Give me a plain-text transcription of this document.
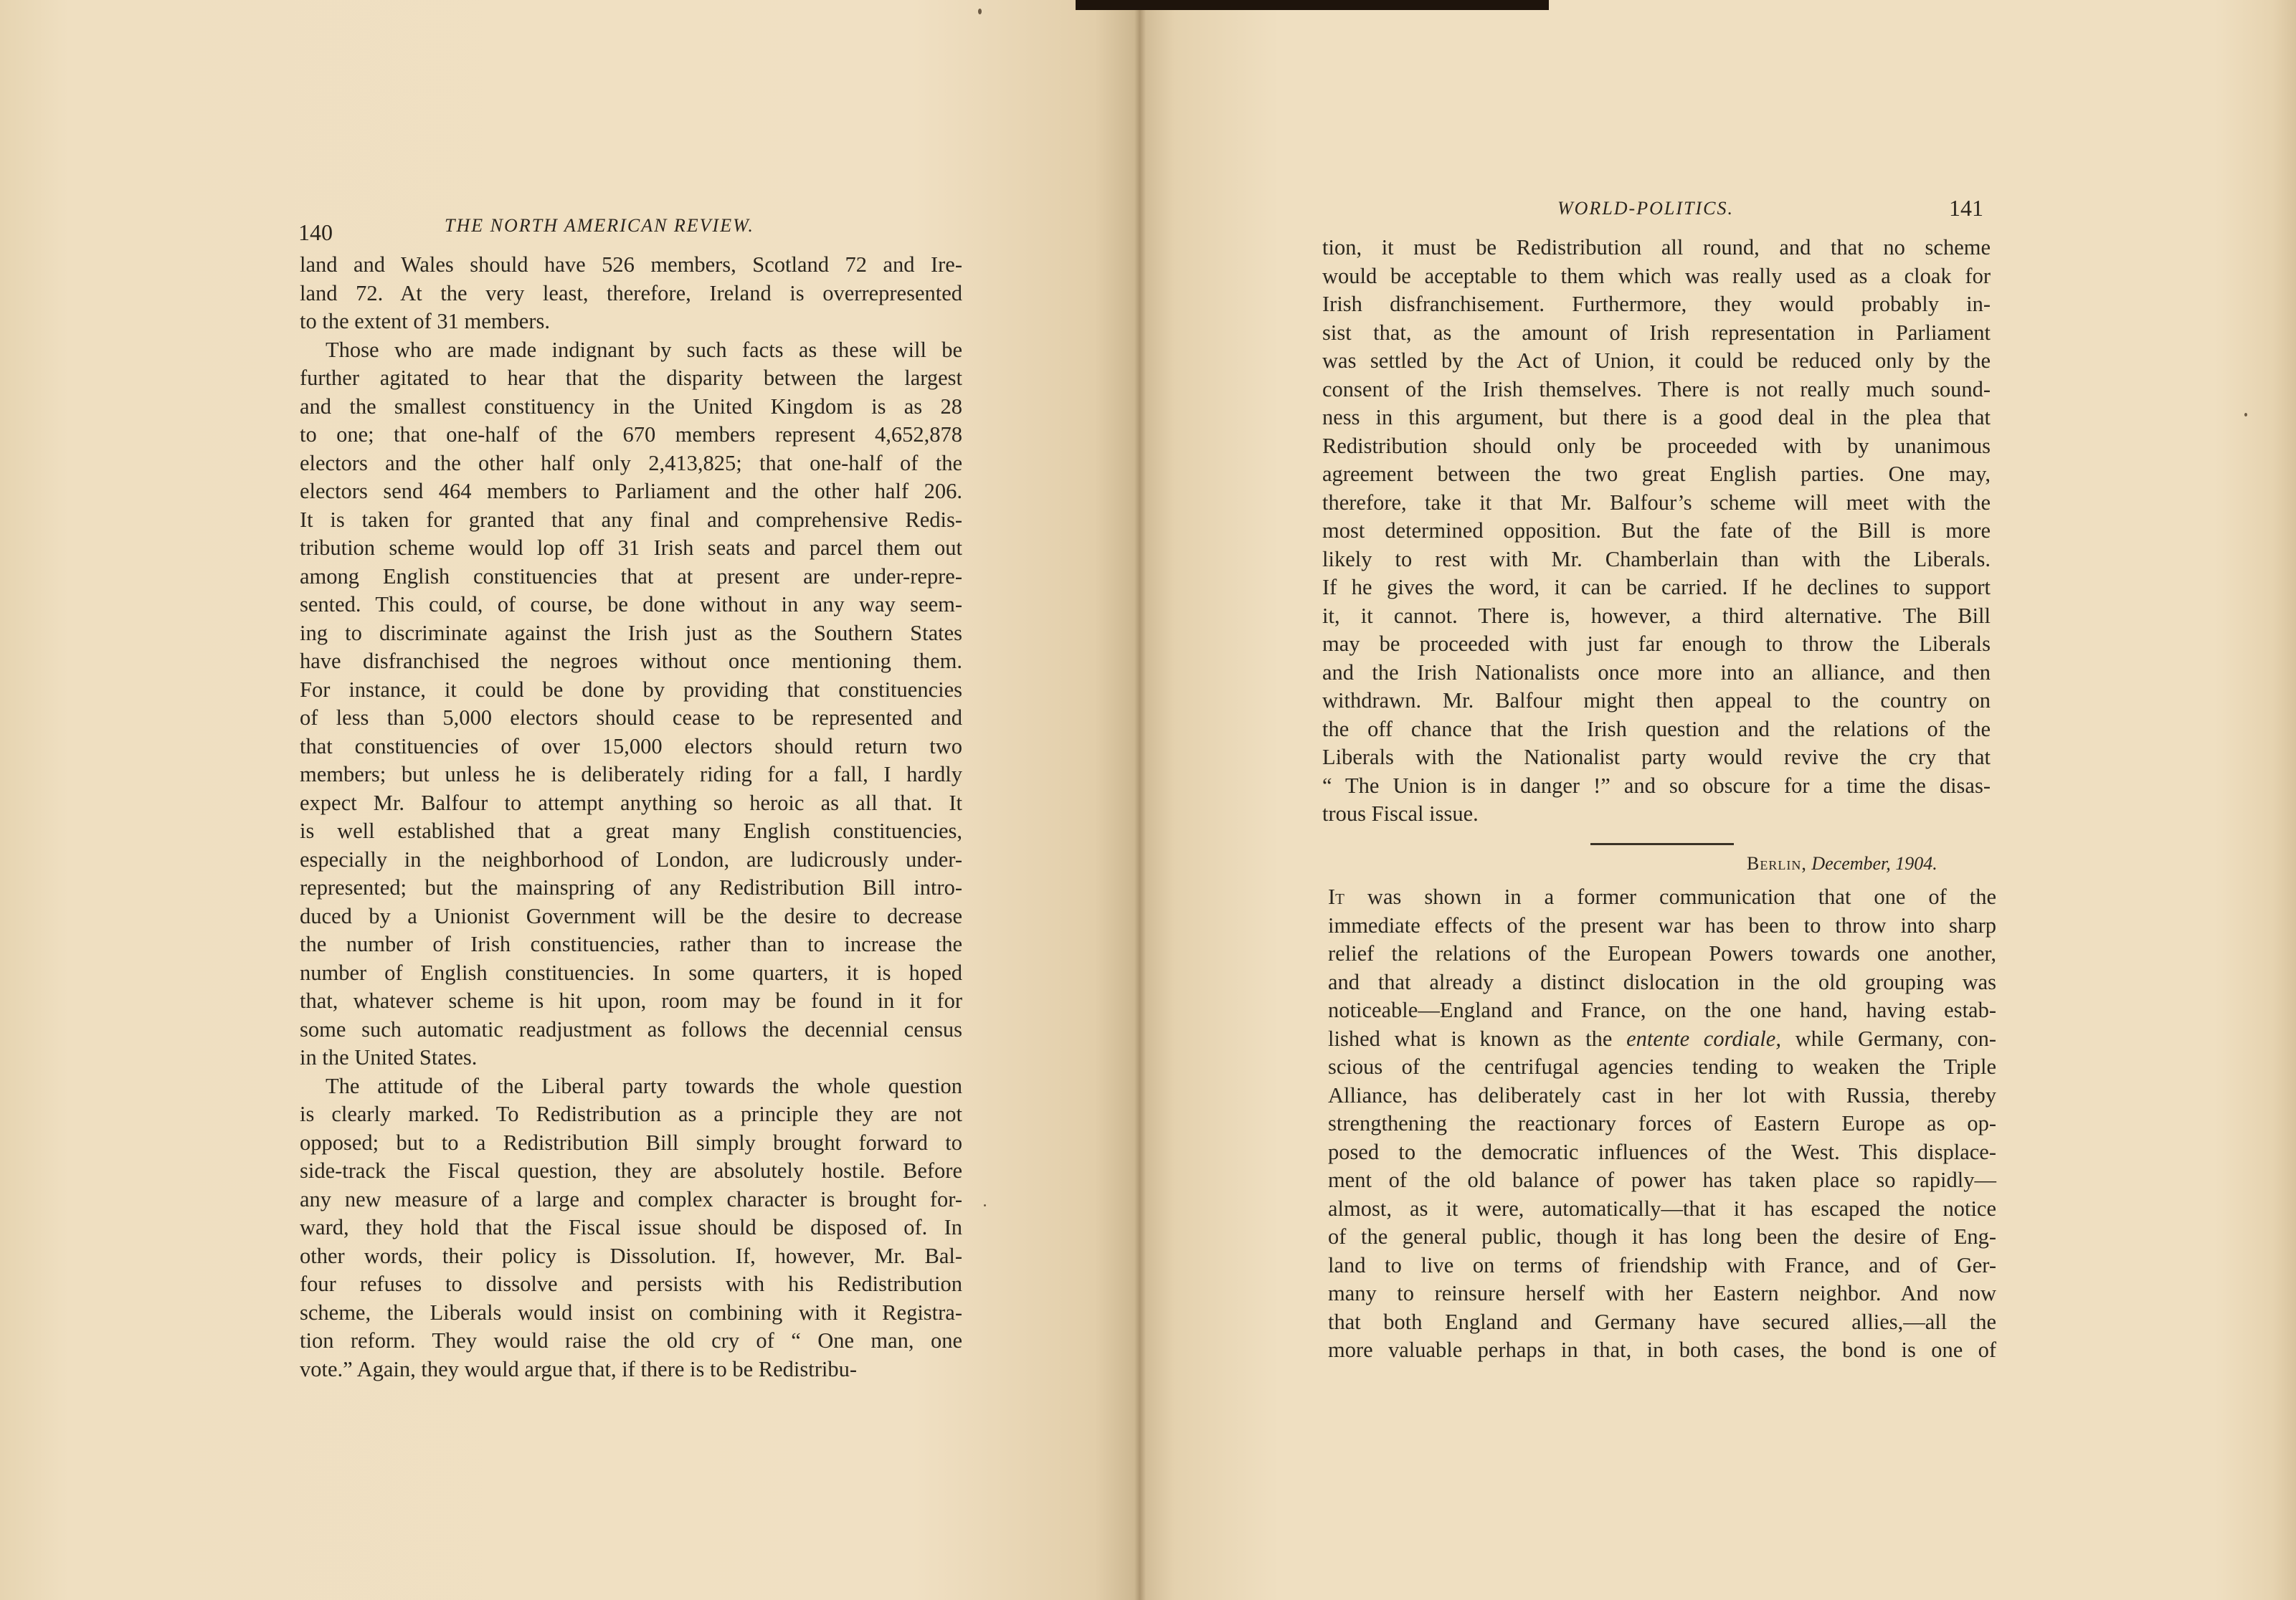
140	THE NORTH AMERICAN REVIEW.

land and Wales should have 526 members, Scotland 72 and Ire-
land 72. At the very least, therefore, Ireland is overrepresented
to the extent of 31 members.

Those who are made indignant by such facts as these will be
further agitated to hear that the disparity between the largest
and the smallest constituency in the United Kingdom is as 28
to one; that one-half of the 670 members represent 4,652,878
electors and the other half only 2,413,825; that one-half of the
electors send 464 members to Parliament and the other half 206.
It is taken for granted that any final and comprehensive Redis-
tribution scheme would lop off 31 Irish seats and parcel them out
among English constituencies that at present are under-repre-
sented. This could, of course, be done without in any way seem-
ing to discriminate against the Irish just as the Southern States
have disfranchised the negroes without once mentioning them.
For instance, it could be done by providing that constituencies
of less than 5,000 electors should cease to be represented and
that constituencies of over 15,000 electors should return two
members; but unless he is deliberately riding for a fall, I hardly
expect Mr. Balfour to attempt anything so heroic as all that. It
is well established that a great many English constituencies,
especially in the neighborhood of London, are ludicrously under-
represented; but the mainspring of any Redistribution Bill intro-
duced by a Unionist Government will be the desire to decrease
the number of Irish constituencies, rather than to increase the
number of English constituencies. In some quarters, it is hoped
that, whatever scheme is hit upon, room may be found in it for
some such automatic readjustment as follows the decennial census
in the United States.

The attitude of the Liberal party towards the whole question
is clearly marked. To Redistribution as a principle they are not
opposed; but to a Redistribution Bill simply brought forward to
side-track the Fiscal question, they are absolutely hostile. Before
any new measure of a large and complex character is brought for-
ward, they hold that the Fiscal issue should be disposed of. In
other words, their policy is Dissolution. If, however, Mr. Bal-
four refuses to dissolve and persists with his Redistribution
scheme, the Liberals would insist on combining with it Registra-
tion reform. They would raise the old cry of “ One man, one
vote.” Again, they would argue that, if there is to be Redistribu-

WORLD-POLITICS.	141

tion, it must be Redistribution all round, and that no scheme
would be acceptable to them which was really used as a cloak for
Irish disfranchisement. Furthermore, they would probably in-
sist that, as the amount of Irish representation in Parliament
was settled by the Act of Union, it could be reduced only by the
consent of the Irish themselves. There is not really much sound-
ness in this argument, but there is a good deal in the plea that
Redistribution should only be proceeded with by unanimous
agreement between the two great English parties. One may,
therefore, take it that Mr. Balfour’s scheme will meet with the
most determined opposition. But the fate of the Bill is more
likely to rest with Mr. Chamberlain than with the Liberals.
If he gives the word, it can be carried. If he declines to support
it, it cannot. There is, however, a third alternative. The Bill
may be proceeded with just far enough to throw the Liberals
and the Irish Nationalists once more into an alliance, and then
withdrawn. Mr. Balfour might then appeal to the country on
the off chance that the Irish question and the relations of the
Liberals with the Nationalist party would revive the cry that
“ The Union is in danger !” and so obscure for a time the disas-
trous Fiscal issue.

Berlin, December, 1904.

It was shown in a former communication that one of the
immediate effects of the present war has been to throw into sharp
relief the relations of the European Powers towards one another,
and that already a distinct dislocation in the old grouping was
noticeable—England and France, on the one hand, having estab-
lished what is known as the entente cordiale, while Germany, con-
scious of the centrifugal agencies tending to weaken the Triple
Alliance, has deliberately cast in her lot with Russia, thereby
strengthening the reactionary forces of Eastern Europe as op-
posed to the democratic influences of the West. This displace-
ment of the old balance of power has taken place so rapidly—
almost, as it were, automatically—that it has escaped the notice
of the general public, though it has long been the desire of Eng-
land to live on terms of friendship with France, and of Ger-
many to reinsure herself with her Eastern neighbor. And now
that both England and Germany have secured allies,—all the
more valuable perhaps in that, in both cases, the bond is one of
